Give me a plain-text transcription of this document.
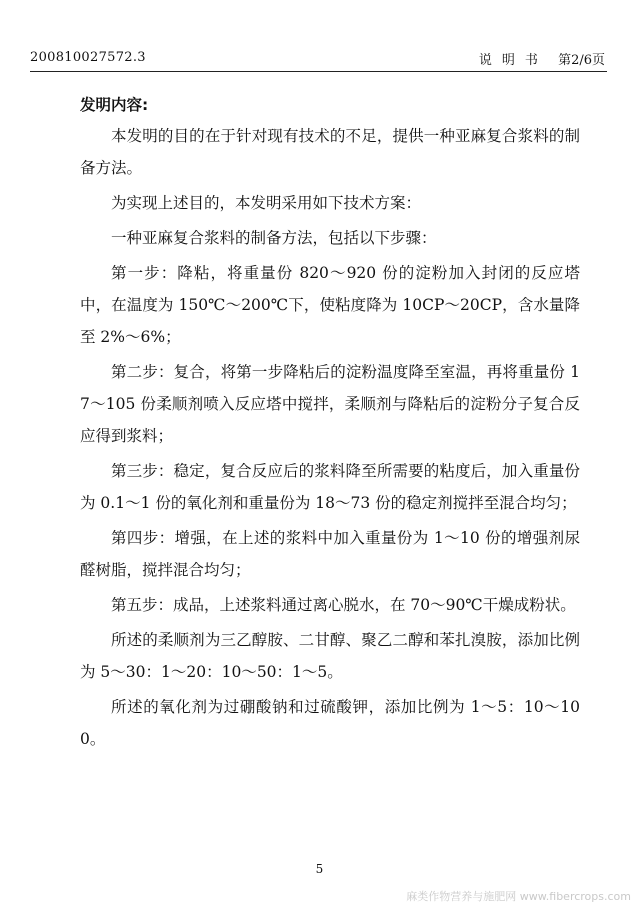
200810027572.3	说明书 第2/6页
发明内容:

本发明的目的在于针对现有技术的不足，提供一种亚麻复合浆料的制备方法。

为实现上述目的，本发明采用如下技术方案：

一种亚麻复合浆料的制备方法，包括以下步骤：

第一步：降粘，将重量份 820～920 份的淀粉加入封闭的反应塔中，在温度为 150℃～200℃下，使粘度降为 10CP～20CP，含水量降至 2%～6%；

第二步：复合，将第一步降粘后的淀粉温度降至室温，再将重量份 17～105 份柔顺剂喷入反应塔中搅拌，柔顺剂与降粘后的淀粉分子复合反应得到浆料；

第三步：稳定，复合反应后的浆料降至所需要的粘度后，加入重量份为 0.1～1 份的氧化剂和重量份为 18～73 份的稳定剂搅拌至混合均匀；

第四步：增强，在上述的浆料中加入重量份为 1～10 份的增强剂尿醛树脂，搅拌混合均匀；

第五步：成品，上述浆料通过离心脱水，在 70～90℃干燥成粉状。

所述的柔顺剂为三乙醇胺、二甘醇、聚乙二醇和苯扎溴胺，添加比例为 5～30：1～20：10～50：1～5。

所述的氧化剂为过硼酸钠和过硫酸钾，添加比例为 1～5：10～100。

5
麻类作物营养与施肥网 www.fibercrops.com
